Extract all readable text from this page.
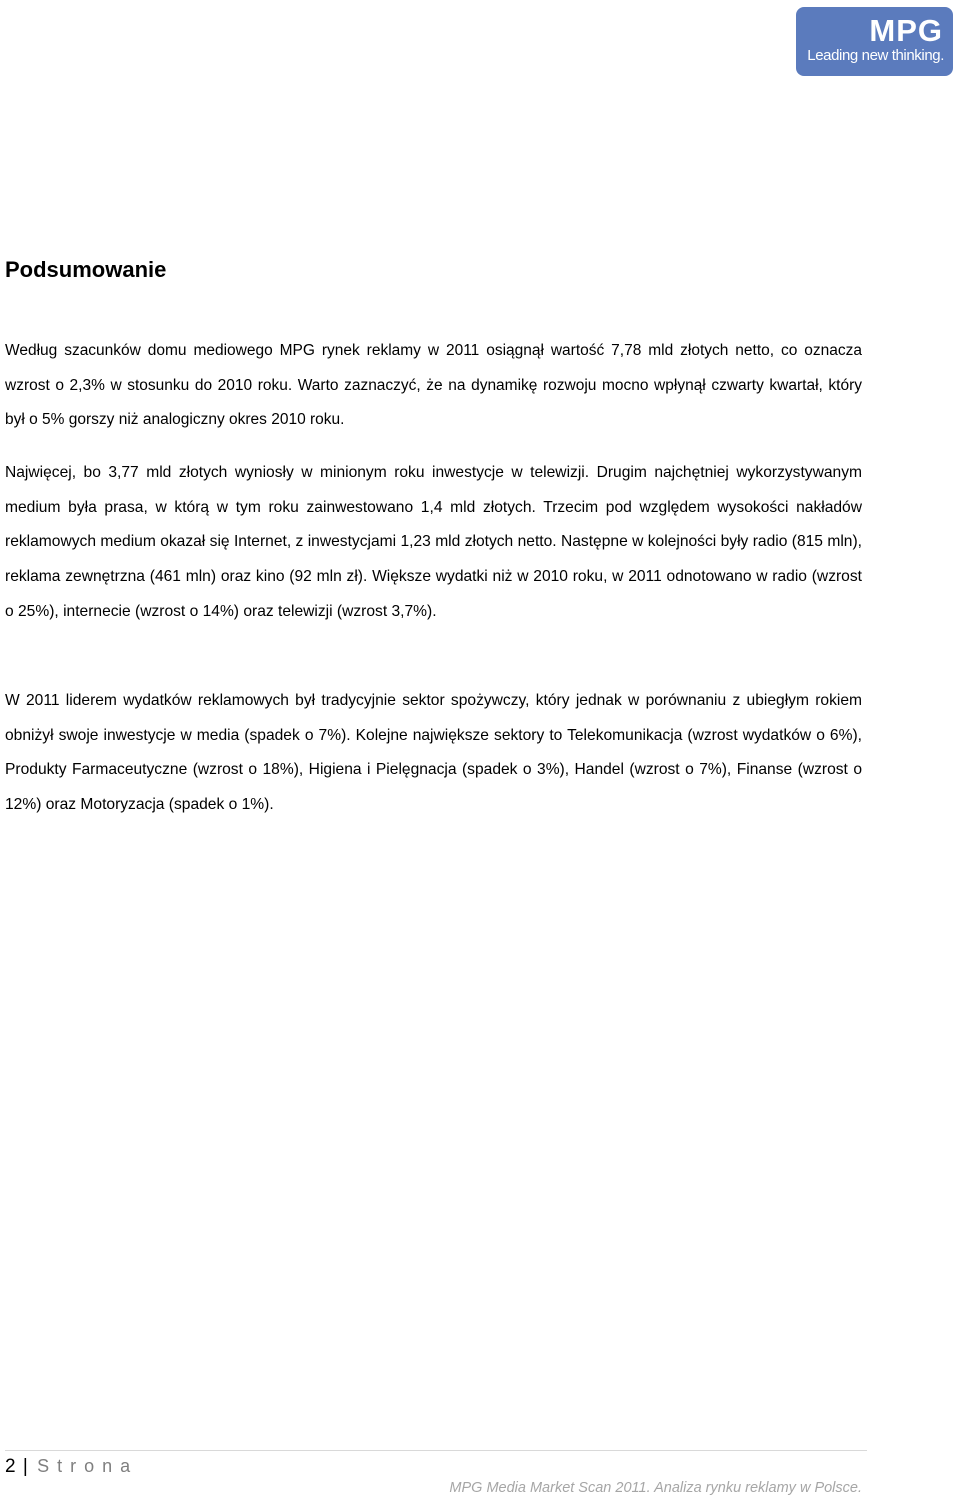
MPG
Leading new thinking.
Podsumowanie

Według szacunków domu mediowego MPG rynek reklamy w 2011 osiągnął wartość 7,78 mld złotych netto, co oznacza wzrost o 2,3% w stosunku do 2010 roku. Warto zaznaczyć, że na dynamikę rozwoju mocno wpłynął czwarty kwartał, który był o 5% gorszy niż analogiczny okres 2010 roku.

Najwięcej, bo 3,77 mld złotych wyniosły w minionym roku inwestycje w telewizji. Drugim najchętniej wykorzystywanym medium była prasa, w którą w tym roku zainwestowano 1,4 mld złotych. Trzecim pod względem wysokości nakładów reklamowych medium okazał się Internet, z inwestycjami 1,23 mld złotych netto. Następne w kolejności były radio (815 mln), reklama zewnętrzna (461 mln) oraz kino (92 mln zł). Większe wydatki niż w 2010 roku, w 2011 odnotowano w radio (wzrost o 25%), internecie (wzrost o 14%) oraz telewizji (wzrost 3,7%).

W 2011 liderem wydatków reklamowych był tradycyjnie sektor spożywczy, który jednak w porównaniu z ubiegłym rokiem obniżył swoje inwestycje w media (spadek o 7%). Kolejne największe sektory to Telekomunikacja (wzrost wydatków o 6%), Produkty Farmaceutyczne (wzrost o 18%), Higiena i Pielęgnacja (spadek o 3%), Handel (wzrost o 7%), Finanse (wzrost o 12%) oraz Motoryzacja (spadek o 1%).

2 | Strona
MPG Media Market Scan 2011. Analiza rynku reklamy w Polsce.
